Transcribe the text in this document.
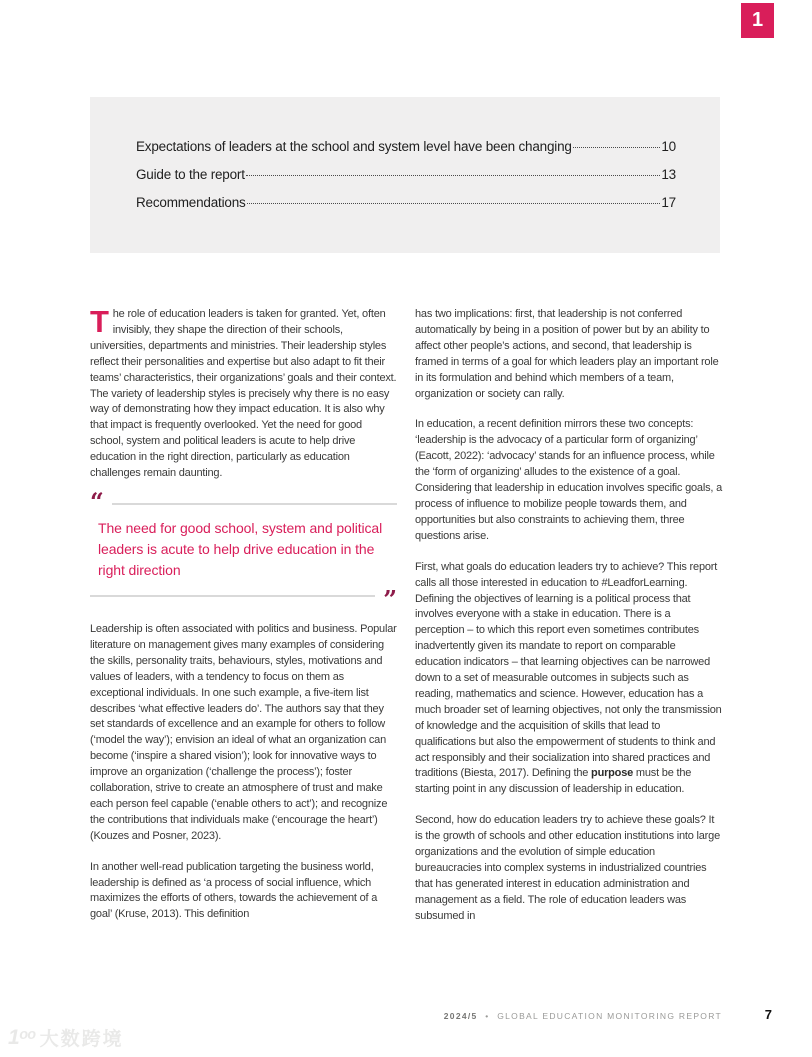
1
Expectations of leaders at the school and system level have been changing	10
Guide to the report	13
Recommendations	17

The role of education leaders is taken for granted. Yet, often invisibly, they shape the direction of their schools, universities, departments and ministries. Their leadership styles reflect their personalities and expertise but also adapt to fit their teams’ characteristics, their organizations’ goals and their context. The variety of leadership styles is precisely why there is no easy way of demonstrating how they impact education. It is also why that impact is frequently overlooked. Yet the need for good school, system and political leaders is acute to help drive education in the right direction, particularly as education challenges remain daunting.

“
The need for good school, system and political leaders is acute to help drive education in the right direction
”

Leadership is often associated with politics and business. Popular literature on management gives many examples of considering the skills, personality traits, behaviours, styles, motivations and values of leaders, with a tendency to focus on them as exceptional individuals. In one such example, a five-item list describes ‘what effective leaders do’. The authors say that they set standards of excellence and an example for others to follow (‘model the way’); envision an ideal of what an organization can become (‘inspire a shared vision’); look for innovative ways to improve an organization (‘challenge the process’); foster collaboration, strive to create an atmosphere of trust and make each person feel capable (‘enable others to act’); and recognize the contributions that individuals make (‘encourage the heart’) (Kouzes and Posner, 2023).

In another well-read publication targeting the business world, leadership is defined as ‘a process of social influence, which maximizes the efforts of others, towards the achievement of a goal’ (Kruse, 2013). This definition

has two implications: first, that leadership is not conferred automatically by being in a position of power but by an ability to affect other people’s actions, and second, that leadership is framed in terms of a goal for which leaders play an important role in its formulation and behind which members of a team, organization or society can rally.

In education, a recent definition mirrors these two concepts: ‘leadership is the advocacy of a particular form of organizing’ (Eacott, 2022): ‘advocacy’ stands for an influence process, while the ‘form of organizing’ alludes to the existence of a goal. Considering that leadership in education involves specific goals, a process of influence to mobilize people towards them, and opportunities but also constraints to achieving them, three questions arise.

First, what goals do education leaders try to achieve? This report calls all those interested in education to #LeadforLearning. Defining the objectives of learning is a political process that involves everyone with a stake in education. There is a perception – to which this report even sometimes contributes inadvertently given its mandate to report on comparable education indicators – that learning objectives can be narrowed down to a set of measurable outcomes in subjects such as reading, mathematics and science. However, education has a much broader set of learning objectives, not only the transmission of knowledge and the acquisition of skills that lead to qualifications but also the empowerment of students to think and act responsibly and their socialization into shared practices and traditions (Biesta, 2017). Defining the purpose must be the starting point in any discussion of leadership in education.

Second, how do education leaders try to achieve these goals? It is the growth of schools and other education institutions into large organizations and the evolution of simple education bureaucracies into complex systems in industrialized countries that has generated interest in education administration and management as a field. The role of education leaders was subsumed in

2024/5 • GLOBAL EDUCATION MONITORING REPORT	7
1ᵒᵒ 大数跨境
